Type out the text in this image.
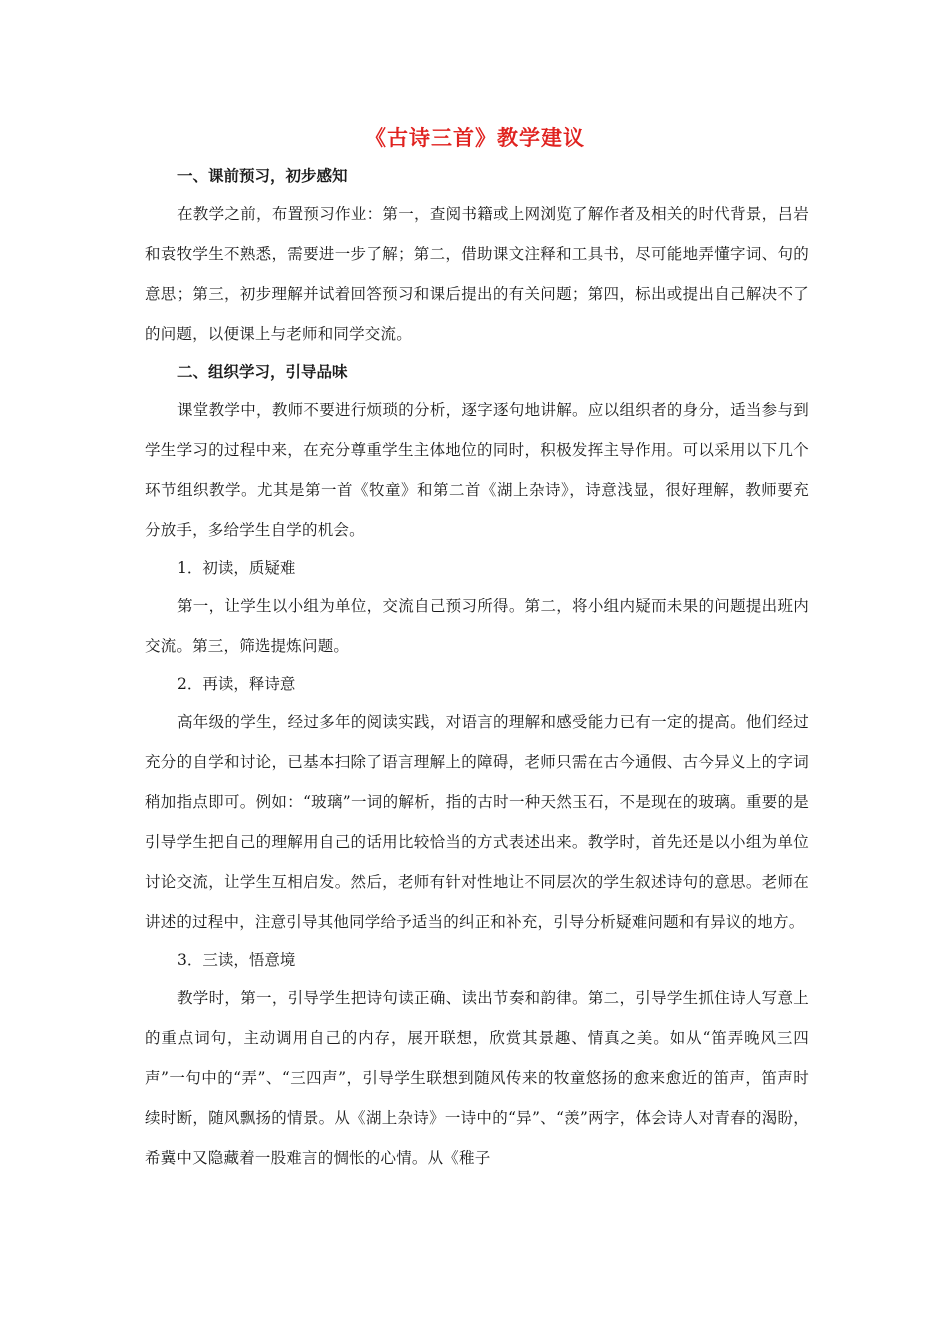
《古诗三首》教学建议

一、课前预习，初步感知

在教学之前，布置预习作业：第一，查阅书籍或上网浏览了解作者及相关的时代背景，吕岩和袁牧学生不熟悉，需要进一步了解；第二，借助课文注释和工具书，尽可能地弄懂字词、句的意思；第三，初步理解并试着回答预习和课后提出的有关问题；第四，标出或提出自己解决不了的问题，以便课上与老师和同学交流。

二、组织学习，引导品味

课堂教学中，教师不要进行烦琐的分析，逐字逐句地讲解。应以组织者的身分，适当参与到学生学习的过程中来，在充分尊重学生主体地位的同时，积极发挥主导作用。可以采用以下几个环节组织教学。尤其是第一首《牧童》和第二首《湖上杂诗》，诗意浅显，很好理解，教师要充分放手，多给学生自学的机会。

1．初读，质疑难

第一，让学生以小组为单位，交流自己预习所得。第二，将小组内疑而未果的问题提出班内交流。第三，筛选提炼问题。

2．再读，释诗意

高年级的学生，经过多年的阅读实践，对语言的理解和感受能力已有一定的提高。他们经过充分的自学和讨论，已基本扫除了语言理解上的障碍，老师只需在古今通假、古今异义上的字词稍加指点即可。例如：“玻璃”一词的解析，指的古时一种天然玉石，不是现在的玻璃。重要的是引导学生把自己的理解用自己的话用比较恰当的方式表述出来。教学时，首先还是以小组为单位讨论交流，让学生互相启发。然后，老师有针对性地让不同层次的学生叙述诗句的意思。老师在讲述的过程中，注意引导其他同学给予适当的纠正和补充，引导分析疑难问题和有异议的地方。

3．三读，悟意境

教学时，第一，引导学生把诗句读正确、读出节奏和韵律。第二，引导学生抓住诗人写意上的重点词句，主动调用自己的内存，展开联想，欣赏其景趣、情真之美。如从“笛弄晚风三四声”一句中的“弄”、“三四声”，引导学生联想到随风传来的牧童悠扬的愈来愈近的笛声，笛声时续时断，随风飘扬的情景。从《湖上杂诗》一诗中的“异”、“羡”两字，体会诗人对青春的渴盼，希冀中又隐藏着一股难言的惆怅的心情。从《稚子
